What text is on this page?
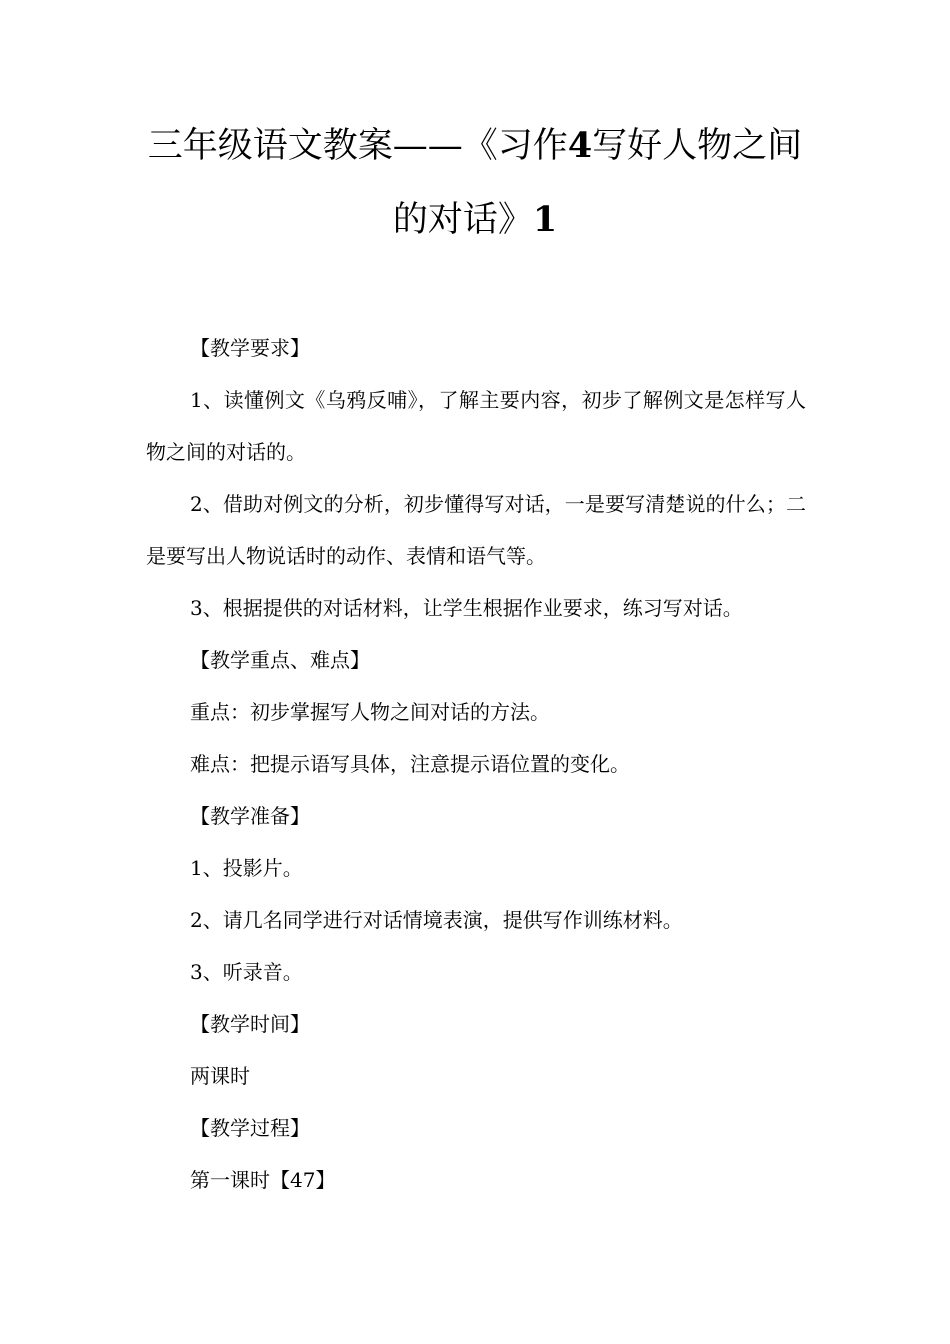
三年级语文教案——《习作4写好人物之间
的对话》1

【教学要求】

1、读懂例文《乌鸦反哺》，了解主要内容，初步了解例文是怎样写人物之间的对话的。

2、借助对例文的分析，初步懂得写对话，一是要写清楚说的什么；二是要写出人物说话时的动作、表情和语气等。

3、根据提供的对话材料，让学生根据作业要求，练习写对话。

【教学重点、难点】

重点：初步掌握写人物之间对话的方法。

难点：把提示语写具体，注意提示语位置的变化。

【教学准备】

1、投影片。

2、请几名同学进行对话情境表演，提供写作训练材料。

3、听录音。

【教学时间】

两课时

【教学过程】

第一课时【47】
